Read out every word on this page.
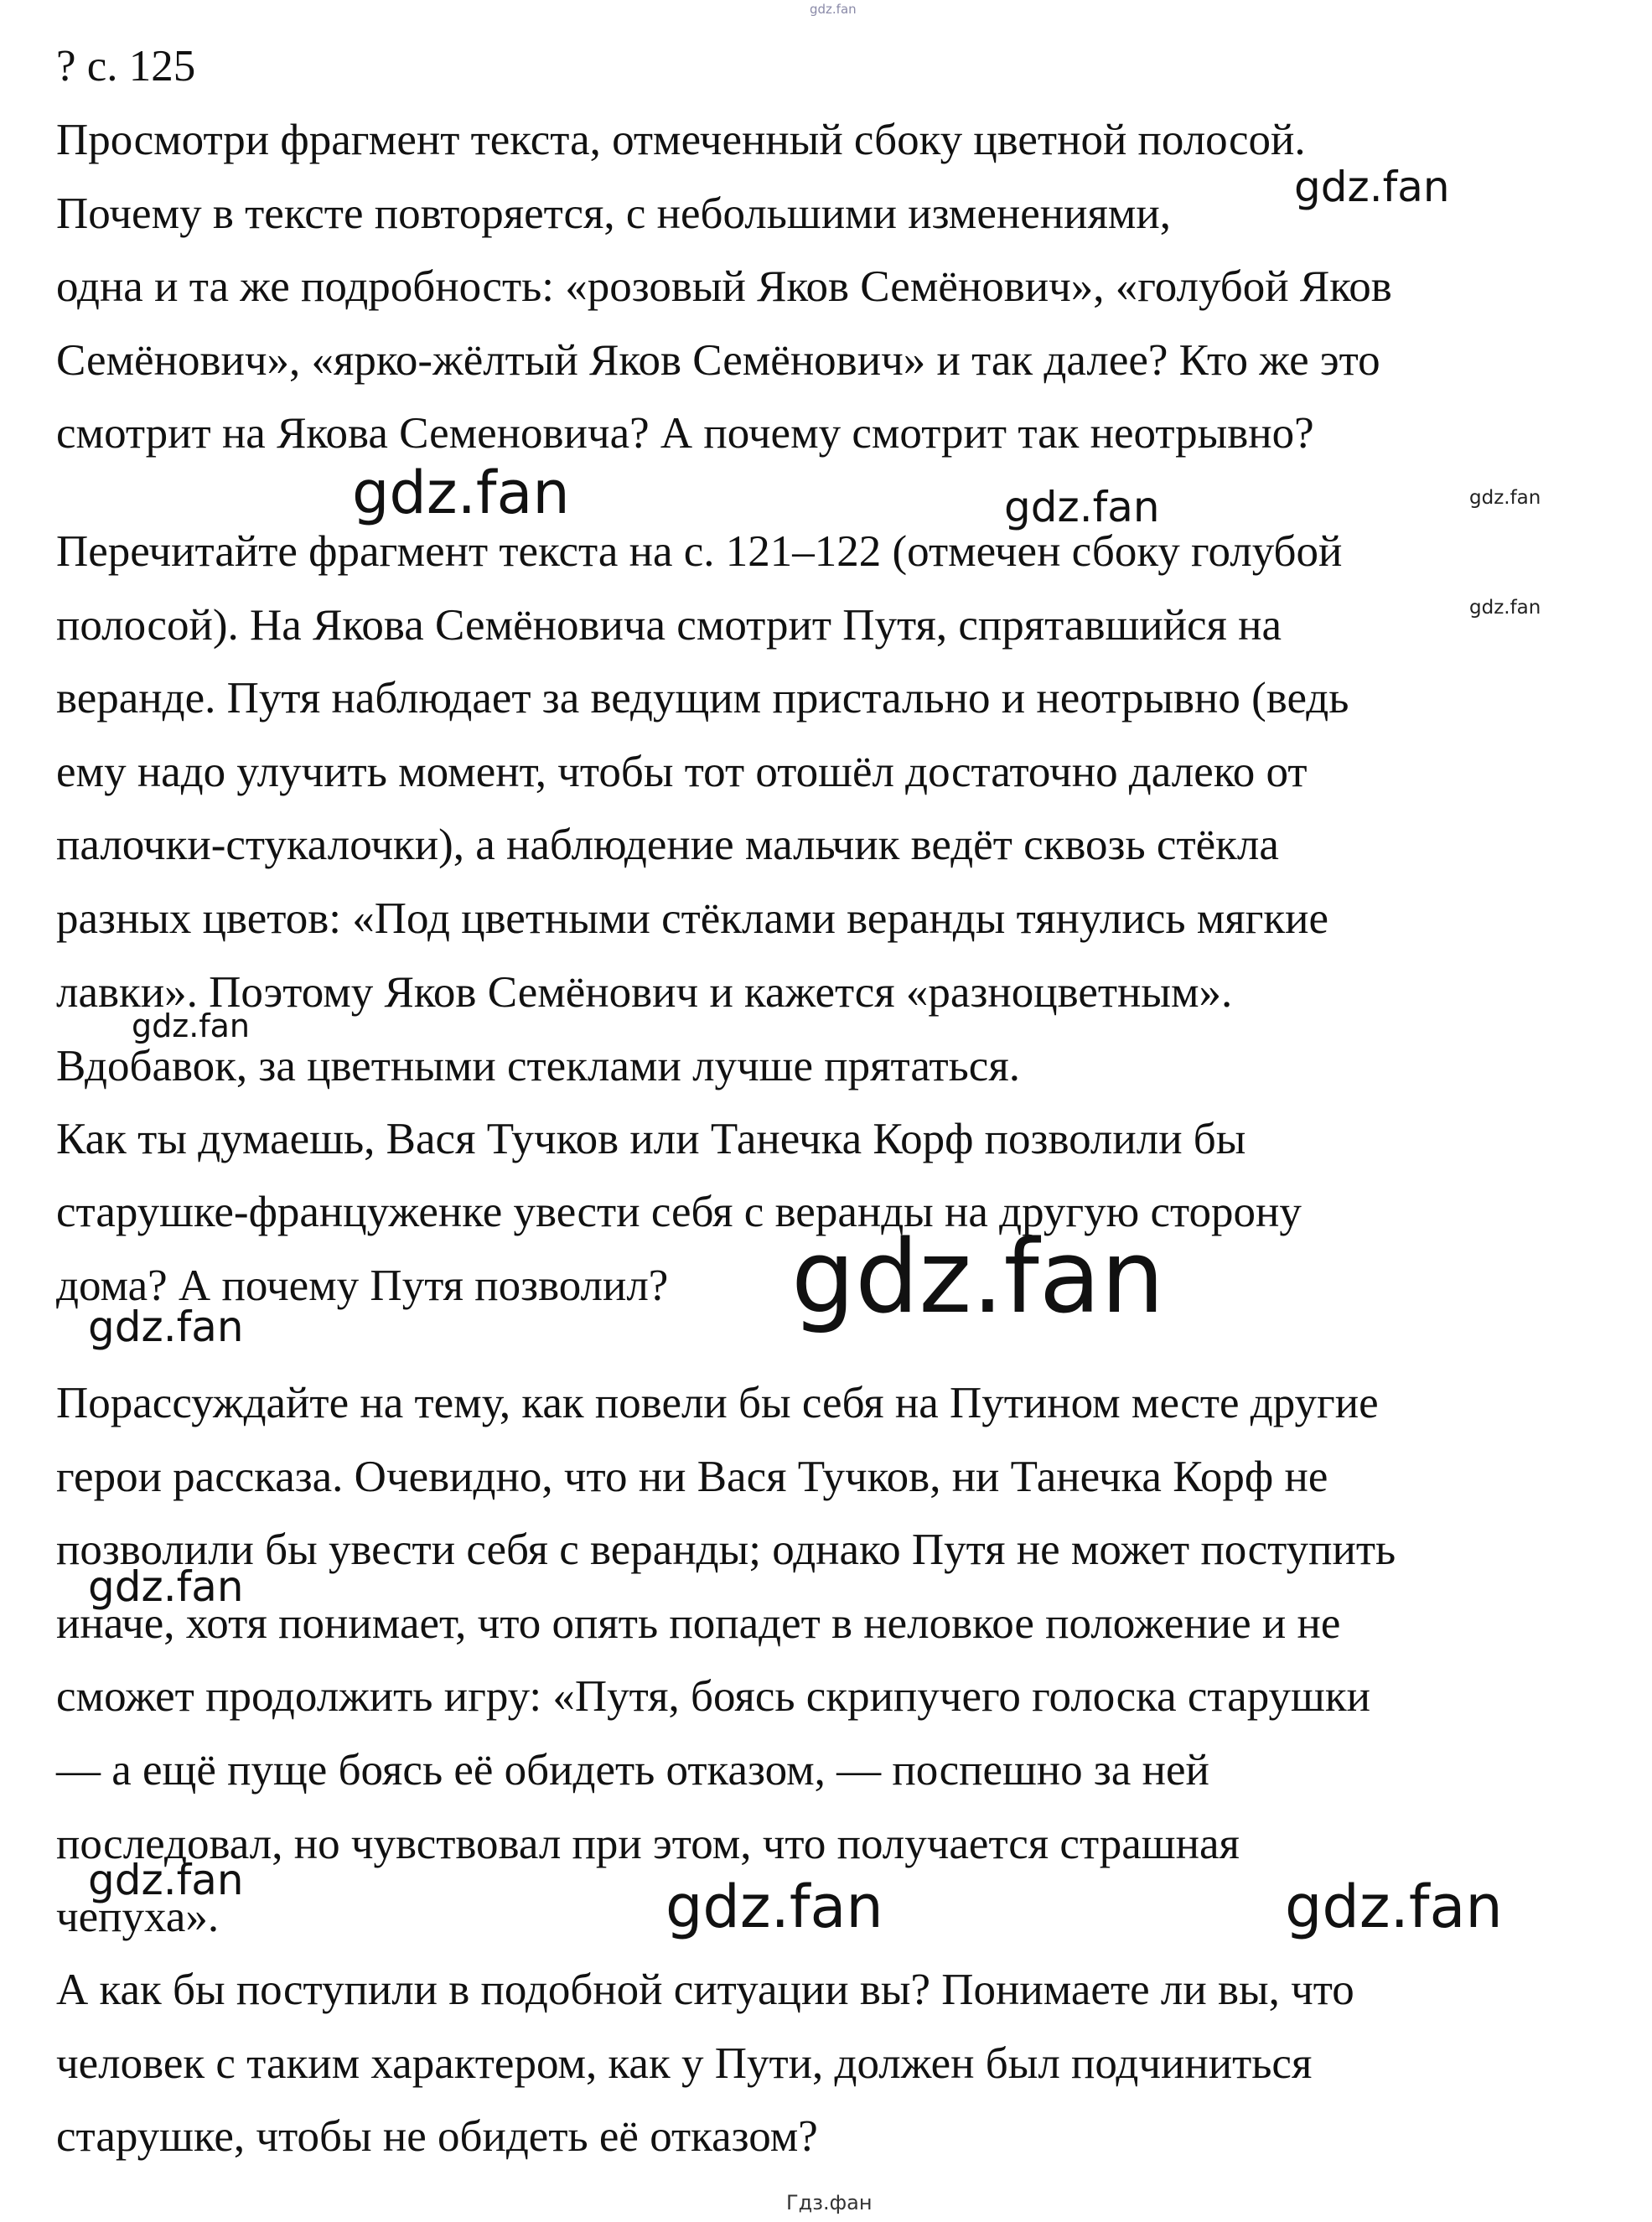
gdz.fan
? с. 125
Просмотри фрагмент текста, отмеченный сбоку цветной полосой.
Почему в тексте повторяется, с небольшими изменениями,
одна и та же подробность: «розовый Яков Семёнович», «голубой Яков
Семёнович», «ярко-жёлтый Яков Семёнович» и так далее? Кто же это
смотрит на Якова Семеновича? А почему смотрит так неотрывно?
Перечитайте фрагмент текста на с. 121–122 (отмечен сбоку голубой
полосой). На Якова Семёновича смотрит Путя, спрятавшийся на
веранде. Путя наблюдает за ведущим пристально и неотрывно (ведь
ему надо улучить момент, чтобы тот отошёл достаточно далеко от
палочки-стукалочки), а наблюдение мальчик ведёт сквозь стёкла
разных цветов: «Под цветными стёклами веранды тянулись мягкие
лавки». Поэтому Яков Семёнович и кажется «разноцветным».
Вдобавок, за цветными стеклами лучше прятаться.
Как ты думаешь, Вася Тучков или Танечка Корф позволили бы
старушке-француженке увести себя с веранды на другую сторону
дома? А почему Путя позволил?
Порассуждайте на тему, как повели бы себя на Путином месте другие
герои рассказа. Очевидно, что ни Вася Тучков, ни Танечка Корф не
позволили бы увести себя с веранды; однако Путя не может поступить
иначе, хотя понимает, что опять попадет в неловкое положение и не
сможет продолжить игру: «Путя, боясь скрипучего голоска старушки
— а ещё пуще боясь её обидеть отказом, — поспешно за ней
последовал, но чувствовал при этом, что получается страшная
чепуха».
А как бы поступили в подобной ситуации вы? Понимаете ли вы, что
человек с таким характером, как у Пути, должен был подчиниться
старушке, чтобы не обидеть её отказом?
gdz.fan
gdz.fan	gdz.fan	gdz.fan
gdz.fan
gdz.fan
gdz.fan
gdz.fan
gdz.fan
gdz.fan	gdz.fan	gdz.fan
Гдз.фан
